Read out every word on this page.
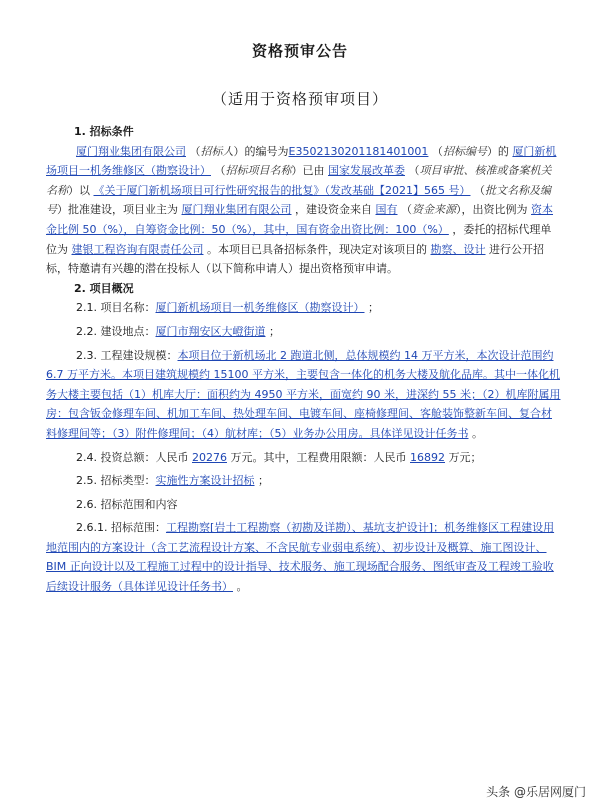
资格预审公告
（适用于资格预审项目）

1. 招标条件

厦门翔业集团有限公司 （招标人）的编号为E3502130201181401001 （招标编号）的 厦门新机场项目一机务维修区（勘察设计） （招标项目名称）已由 国家发展改革委 （项目审批、核准或备案机关名称）以 《关于厦门新机场项目可行性研究报告的批复》（发改基础【2021】565 号） （批文名称及编号）批准建设，项目业主为 厦门翔业集团有限公司 ，建设资金来自 国有 （资金来源），出资比例为 资本金比例 50（%），自筹资金比例：50（%），其中，国有资金出资比例：100（%） ，委托的招标代理单位为 建银工程咨询有限责任公司 。本项目已具备招标条件，现决定对该项目的 勘察、设计 进行公开招标，特邀请有兴趣的潜在投标人（以下简称申请人）提出资格预审申请。

2. 项目概况

2.1. 项目名称：厦门新机场项目一机务维修区（勘察设计） ；

2.2. 建设地点：厦门市翔安区大嶝街道 ；

2.3. 工程建设规模：本项目位于新机场北 2 跑道北侧，总体规模约 14 万平方米，本次设计范围约 6.7 万平方米。本项目建筑规模约 15100 平方米，主要包含一体化的机务大楼及航化品库。其中一体化机务大楼主要包括（1）机库大厅：面积约为 4950 平方米，面宽约 90 米，进深约 55 米；（2）机库附属用房：包含钣金修理车间、机加工车间、热处理车间、电镀车间、座椅修理间、客舱装饰整新车间、复合材料修理间等；（3）附件修理间；（4）航材库；（5）业务办公用房。具体详见设计任务书 。

2.4. 投资总额：人民币 20276 万元。其中，工程费用限额：人民币 16892 万元；

2.5. 招标类型：实施性方案设计招标 ；

2.6. 招标范围和内容

2.6.1. 招标范围：工程勘察[岩土工程勘察（初勘及详勘）、基坑支护设计]；机务维修区工程建设用地范围内的方案设计（含工艺流程设计方案、不含民航专业弱电系统）、初步设计及概算、施工图设计、BIM 正向设计以及工程施工过程中的设计指导、技术服务、施工现场配合服务、图纸审查及工程竣工验收后续设计服务（具体详见设计任务书） 。

头条 @乐居网厦门
